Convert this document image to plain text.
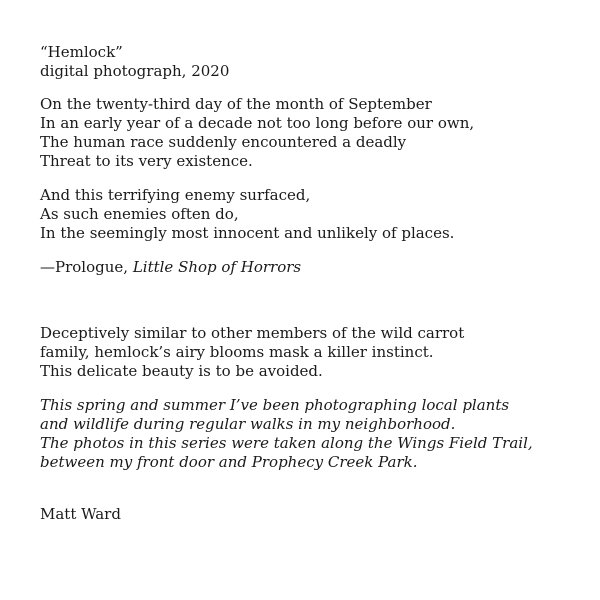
“Hemlock”
digital photograph, 2020
On the twenty-third day of the month of September
In an early year of a decade not too long before our own,
The human race suddenly encountered a deadly
Threat to its very existence.
And this terrifying enemy surfaced,
As such enemies often do,
In the seemingly most innocent and unlikely of places.
—Prologue, Little Shop of Horrors
Deceptively similar to other members of the wild carrot
family, hemlock’s airy blooms mask a killer instinct.
This delicate beauty is to be avoided.
This spring and summer I’ve been photographing local plants
and wildlife during regular walks in my neighborhood.
The photos in this series were taken along the Wings Field Trail,
between my front door and Prophecy Creek Park.
Matt Ward
